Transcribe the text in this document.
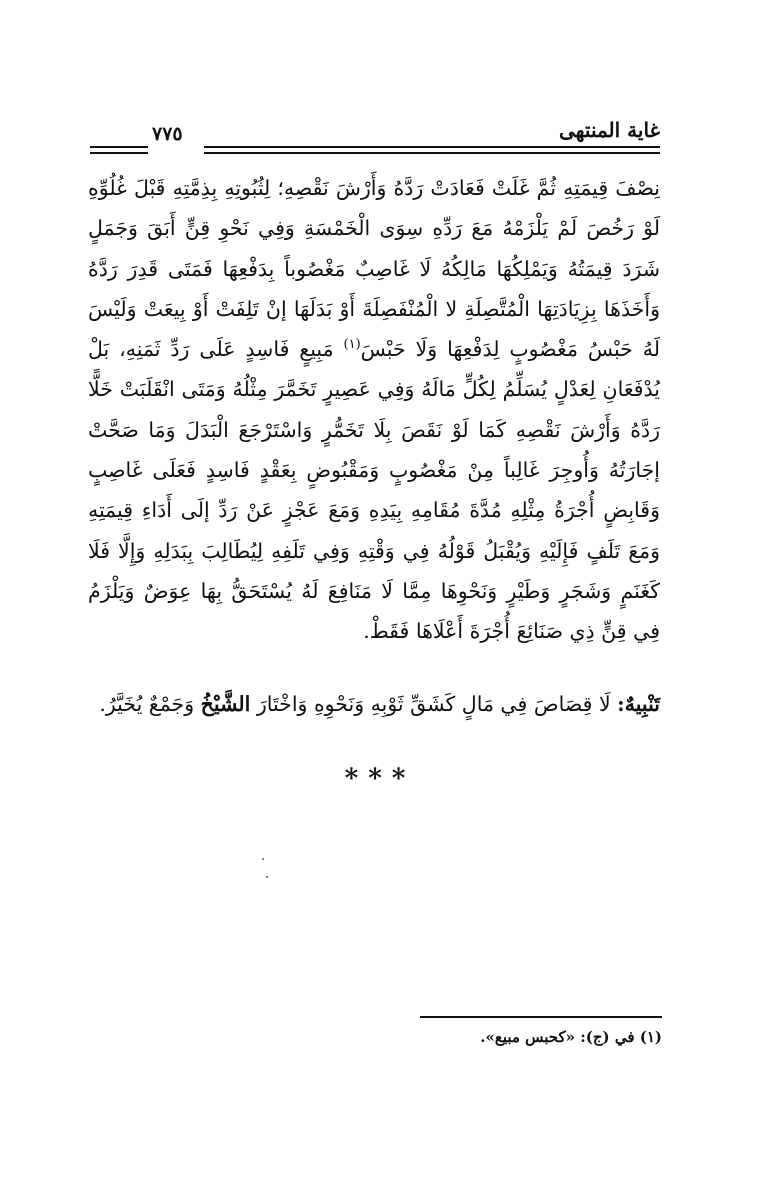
غاية المنتهى
٧٧٥

نِصْفَ قِيمَتِهِ ثُمَّ غَلَتْ فَعَادَتْ رَدَّهُ وَأَرْشَ نَقْصِهِ؛ لِثُبُوتِهِ بِذِمَّتِهِ قَبْلَ غُلُوِّهِ لَوْ رَخُصَ لَمْ يَلْزَمْهُ مَعَ رَدِّهِ سِوَى الْخَمْسَةِ وَفِي نَحْوِ قِنٍّ أَبَقَ وَجَمَلٍ شَرَدَ قِيمَتُهُ وَيَمْلِكُهَا مَالِكُهُ لَا غَاصِبٌ مَغْصُوباً بِدَفْعِهَا فَمَتَى قَدِرَ رَدَّهُ وَأَخَذَهَا بِزِيَادَتِهَا الْمُتَّصِلَةِ لا الْمُنْفَصِلَةَ أَوْ بَدَلَهَا إنْ تَلِفَتْ أَوْ بِيعَتْ وَلَيْسَ لَهُ حَبْسُ مَغْصُوبٍ لِدَفْعِهَا وَلَا حَبْسَ$^{(١)}$ مَبِيعٍ فَاسِدٍ عَلَى رَدِّ ثَمَنِهِ، بَلْ يُدْفَعَانِ لِعَدْلٍ يُسَلِّمُ لِكُلٍّ مَالَهُ وَفِي عَصِيرٍ تَخَمَّرَ مِثْلُهُ وَمَتَى انْقَلَبَتْ خَلًّا رَدَّهُ وَأَرْشَ نَقْصِهِ كَمَا لَوْ نَقَصَ بِلَا تَخَمُّرٍ وَاسْتَرْجَعَ الْبَدَلَ وَمَا صَحَّتْ إجَارَتُهُ وَأُوجِرَ غَالِباً مِنْ مَغْصُوبٍ وَمَقْبُوضٍ بِعَقْدٍ فَاسِدٍ فَعَلَى غَاصِبٍ وَقَابِضٍ أُجْرَةُ مِثْلِهِ مُدَّةَ مُقَامِهِ بِيَدِهِ وَمَعَ عَجْزٍ عَنْ رَدِّ إلَى أَدَاءِ قِيمَتِهِ وَمَعَ تَلَفٍ فَإِلَيْهِ وَيُقْبَلُ قَوْلُهُ فِي وَقْتِهِ وَفِي تَلَفِهِ لِيُطَالِبَ بِبَدَلِهِ وَإِلَّا فَلَا كَغَنَمٍ وَشَجَرٍ وَطَيْرٍ وَنَحْوِهَا مِمَّا لَا مَنَافِعَ لَهُ يُسْتَحَقُّ بِهَا عِوَضٌ وَيَلْزَمُ فِي قِنٍّ ذِي صَنَائِعَ أُجْرَةَ أَعْلَاهَا فَقَطْ.

تَنْبِيهٌ: لَا قِصَاصَ فِي مَالٍ كَشَقِّ ثَوْبِهِ وَنَحْوِهِ وَاخْتَارَ الشَّيْخُ وَجَمْعٌ يُخَيَّرُ.
***
(١) في (ج): «كحبس مبيع».
